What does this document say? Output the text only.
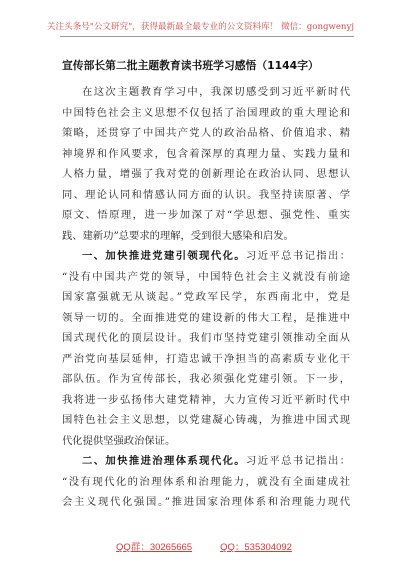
关注头条号"公文研究"，获得最新最全最专业的公文资料库！ 微信：gongwenyj
宣传部长第二批主题教育读书班学习感悟（1144字）
在这次主题教育学习中，我深切感受到习近平新时代
中国特色社会主义思想不仅包括了治国理政的重大理论和
策略，还贯穿了中国共产党人的政治品格、价值追求、精
神境界和作风要求，包含着深厚的真理力量、实践力量和
人格力量，增强了我对党的创新理论在政治认同、思想认
同、理论认同和情感认同方面的认识。我坚持读原著、学
原文、悟原理，进一步加深了对“学思想、强党性、重实
践、建新功”总要求的理解，受到很大感染和启发。
一、加快推进党建引领现代化。习近平总书记指出：
“没有中国共产党的领导，中国特色社会主义就没有前途
国家富强就无从谈起。”党政军民学，东西南北中，党是
领导一切的。全面推进党的建设新的伟大工程，是推进中
国式现代化的顶层设计。我们市坚持党建引领推动全面从
严治党向基层延伸，打造忠诚干净担当的高素质专业化干
部队伍。作为宣传部长，我必须强化党建引领。下一步，
我将进一步弘扬伟大建党精神，大力宣传习近平新时代中
国特色社会主义思想，以党建凝心铸魂，为推进中国式现
代化提供坚强政治保证。
二、加快推进治理体系现代化。习近平总书记指出：
“没有现代化的治理体系和治理能力，就没有全面建成社
会主义现代化强国。”推进国家治理体系和治理能力现代
QQ群：30265665	QQ：535304092
